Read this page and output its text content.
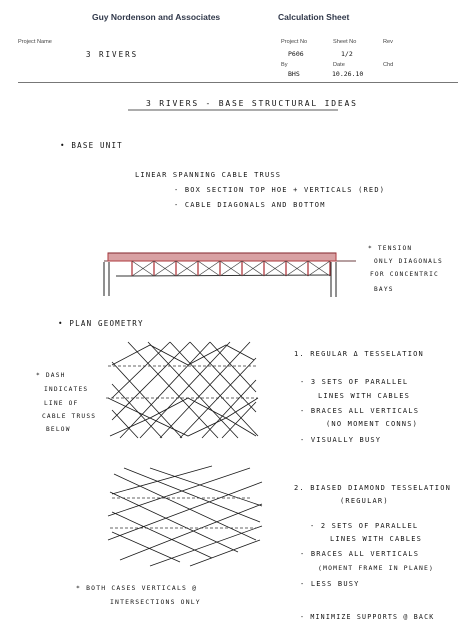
Guy Nordenson and Associates	Calculation Sheet
Project Name
3 RIVERS
Project No
P606
Sheet No
1/2
Rev
By
BHS
Date
10.26.10
Chd
3 RIVERS - BASE STRUCTURAL IDEAS
• BASE UNIT
LINEAR SPANNING CABLE TRUSS
- BOX SECTION TOP HOE + VERTICALS (RED)
- CABLE DIAGONALS AND BOTTOM
* TENSION
ONLY DIAGONALS
FOR CONCENTRIC
BAYS
• PLAN GEOMETRY
* DASH
INDICATES
LINE OF
CABLE TRUSS
BELOW
1. REGULAR Δ TESSELATION
- 3 SETS OF PARALLEL
LINES WITH CABLES
- BRACES ALL VERTICALS
(NO MOMENT CONNS)
- VISUALLY BUSY
2. BIASED DIAMOND TESSELATION
(REGULAR)
- 2 SETS OF PARALLEL
LINES WITH CABLES
- BRACES ALL VERTICALS
(MOMENT FRAME IN PLANE)
- LESS BUSY
* BOTH CASES VERTICALS @
INTERSECTIONS ONLY
- MINIMIZE SUPPORTS @ BACK
